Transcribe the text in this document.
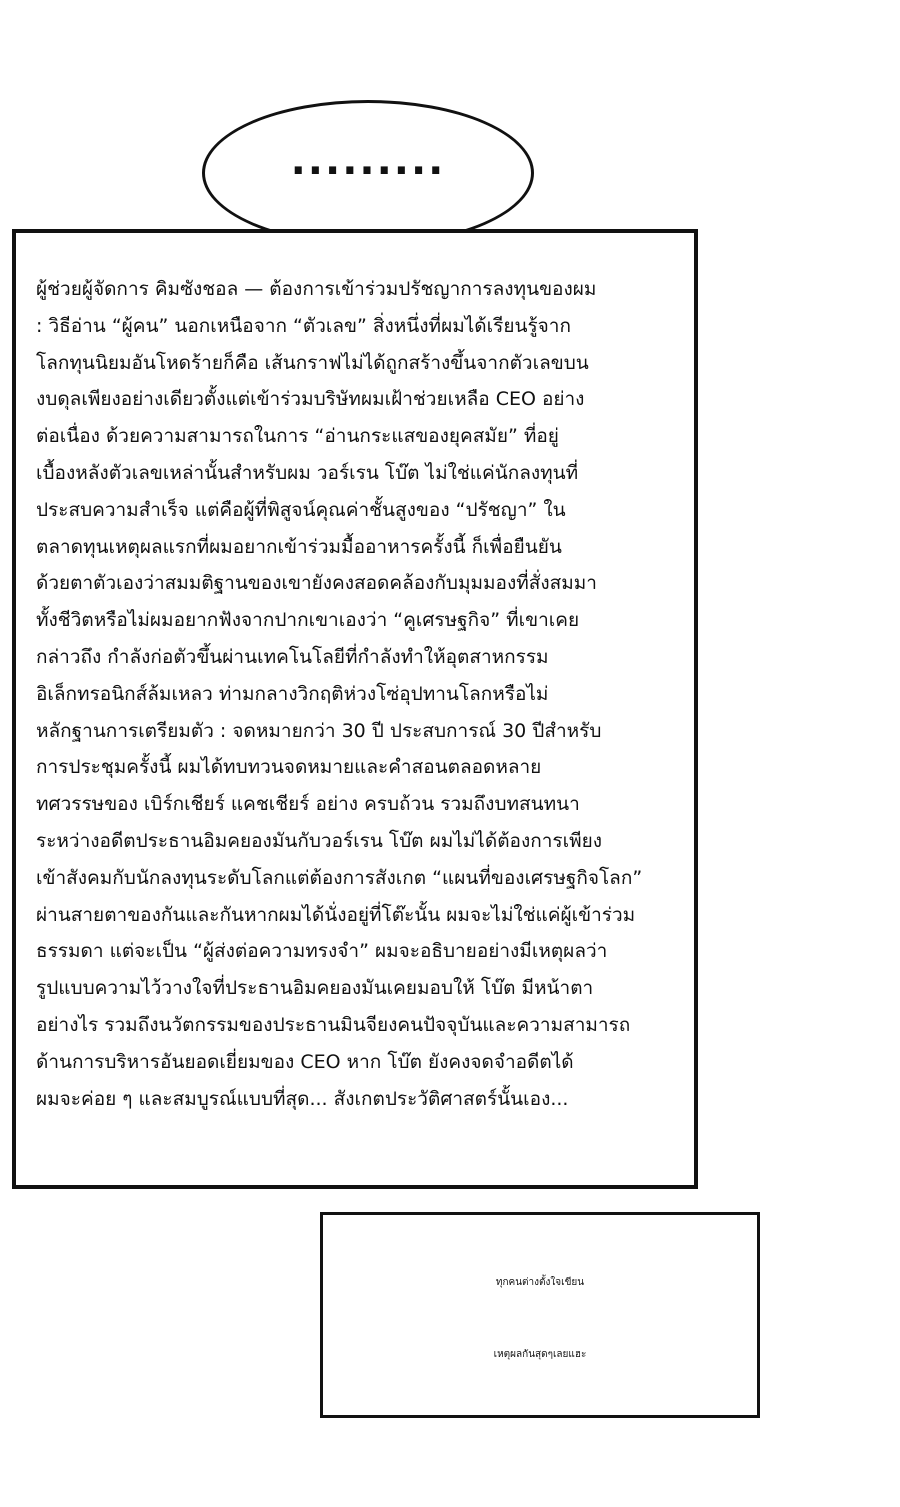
.........
ผู้ช่วยผู้จัดการ คิมซังชอล — ต้องการเข้าร่วมปรัชญาการลงทุนของผม
: วิธีอ่าน “ผู้คน” นอกเหนือจาก “ตัวเลข” สิ่งหนึ่งที่ผมได้เรียนรู้จาก
โลกทุนนิยมอันโหดร้ายก็คือ เส้นกราฟไม่ได้ถูกสร้างขึ้นจากตัวเลขบน
งบดุลเพียงอย่างเดียวตั้งแต่เข้าร่วมบริษัทผมเฝ้าช่วยเหลือ CEO อย่าง
ต่อเนื่อง ด้วยความสามารถในการ “อ่านกระแสของยุคสมัย” ที่อยู่
เบื้องหลังตัวเลขเหล่านั้นสำหรับผม วอร์เรน โบ๊ต ไม่ใช่แค่นักลงทุนที่
ประสบความสำเร็จ แต่คือผู้ที่พิสูจน์คุณค่าชั้นสูงของ “ปรัชญา” ใน
ตลาดทุนเหตุผลแรกที่ผมอยากเข้าร่วมมื้ออาหารครั้งนี้ ก็เพื่อยืนยัน
ด้วยตาตัวเองว่าสมมติฐานของเขายังคงสอดคล้องกับมุมมองที่สั่งสมมา
ทั้งชีวิตหรือไม่ผมอยากฟังจากปากเขาเองว่า “คูเศรษฐกิจ” ที่เขาเคย
กล่าวถึง กำลังก่อตัวขึ้นผ่านเทคโนโลยีที่กำลังทำให้อุตสาหกรรม
อิเล็กทรอนิกส์ล้มเหลว ท่ามกลางวิกฤติห่วงโซ่อุปทานโลกหรือไม่
หลักฐานการเตรียมตัว : จดหมายกว่า 30 ปี ประสบการณ์ 30 ปีสำหรับ
การประชุมครั้งนี้ ผมได้ทบทวนจดหมายและคำสอนตลอดหลาย
ทศวรรษของ เบิร์กเชียร์ แคชเชียร์ อย่าง ครบถ้วน รวมถึงบทสนทนา
ระหว่างอดีตประธานอิมคยองมันกับวอร์เรน โบ๊ต ผมไม่ได้ต้องการเพียง
เข้าสังคมกับนักลงทุนระดับโลกแต่ต้องการสังเกต “แผนที่ของเศรษฐกิจโลก”
ผ่านสายตาของกันและกันหากผมได้นั่งอยู่ที่โต๊ะนั้น ผมจะไม่ใช่แค่ผู้เข้าร่วม
ธรรมดา แต่จะเป็น “ผู้ส่งต่อความทรงจำ” ผมจะอธิบายอย่างมีเหตุผลว่า
รูปแบบความไว้วางใจที่ประธานอิมคยองมันเคยมอบให้ โบ๊ต มีหน้าตา
อย่างไร รวมถึงนวัตกรรมของประธานมินจียงคนปัจจุบันและความสามารถ
ด้านการบริหารอันยอดเยี่ยมของ CEO หาก โบ๊ต ยังคงจดจำอดีตได้
ผมจะค่อย ๆ และสมบูรณ์แบบที่สุด... สังเกตประวัติศาสตร์นั้นเอง...
ทุกคนต่างตั้งใจเขียน
เหตุผลกันสุดๆเลยแฮะ
